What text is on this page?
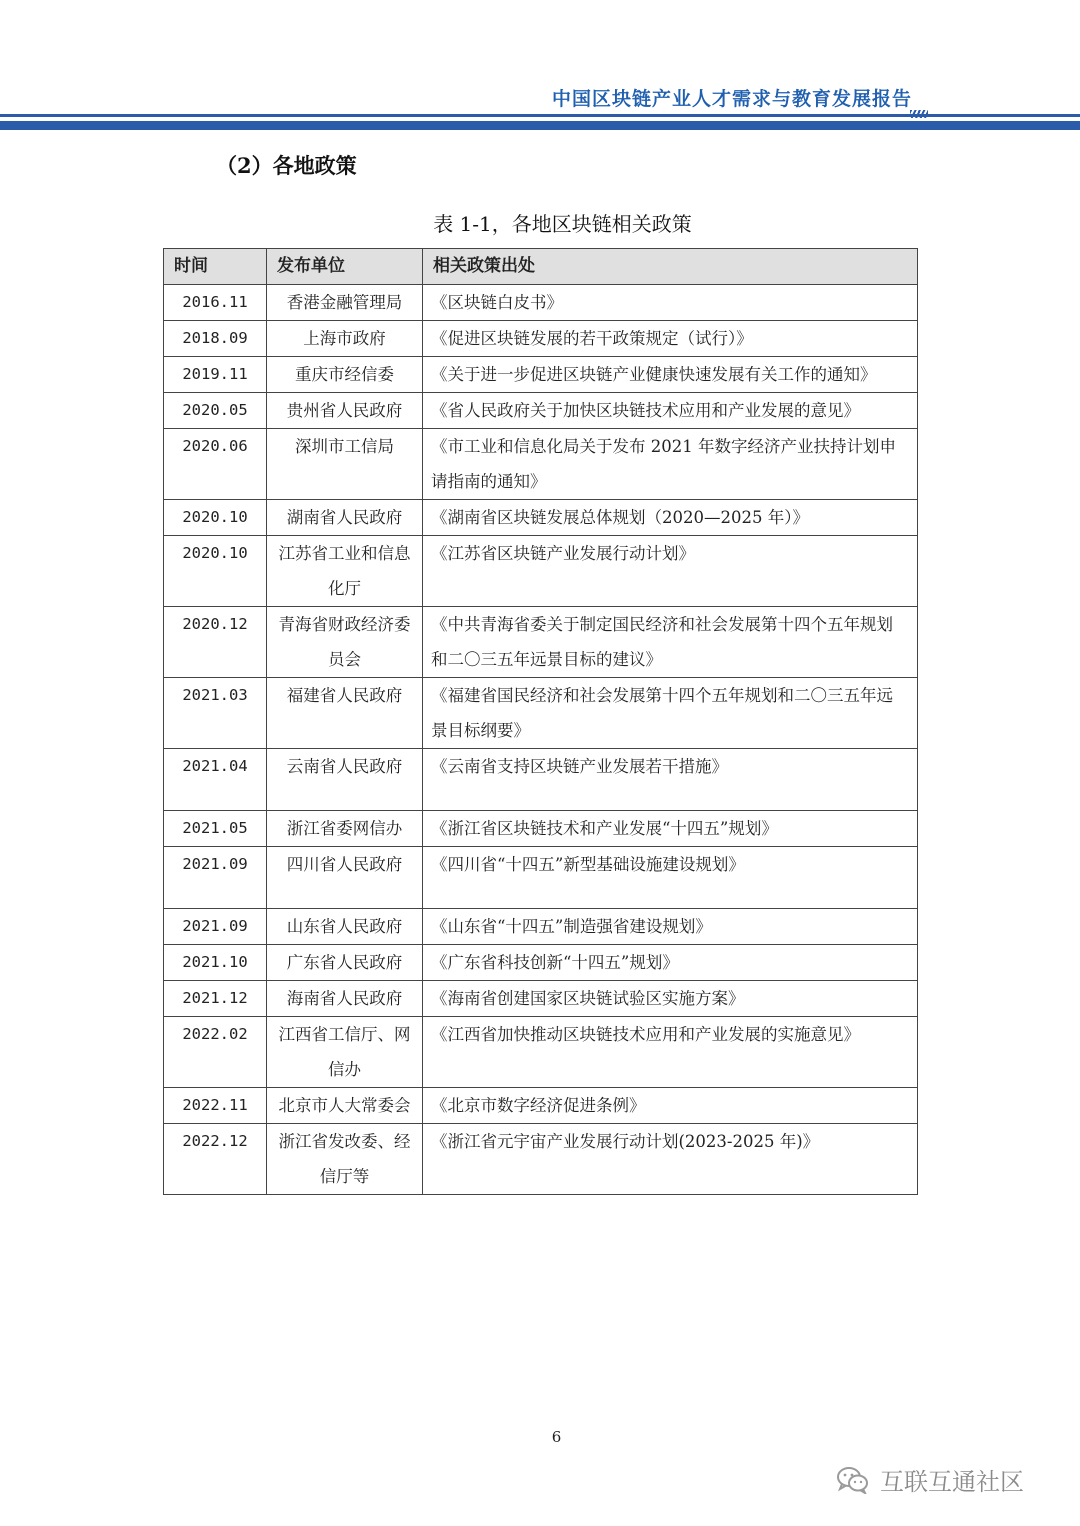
中国区块链产业人才需求与教育发展报告
（2）各地政策
表 1-1，各地区块链相关政策
时间	发布单位	相关政策出处
2016.11	香港金融管理局	《区块链白皮书》
2018.09	上海市政府	《促进区块链发展的若干政策规定（试行）》
2019.11	重庆市经信委	《关于进一步促进区块链产业健康快速发展有关工作的通知》
2020.05	贵州省人民政府	《省人民政府关于加快区块链技术应用和产业发展的意见》
2020.06	深圳市工信局	《市工业和信息化局关于发布 2021 年数字经济产业扶持计划申请指南的通知》
2020.10	湖南省人民政府	《湖南省区块链发展总体规划（2020—2025 年）》
2020.10	江苏省工业和信息化厅	《江苏省区块链产业发展行动计划》
2020.12	青海省财政经济委员会	《中共青海省委关于制定国民经济和社会发展第十四个五年规划和二〇三五年远景目标的建议》
2021.03	福建省人民政府	《福建省国民经济和社会发展第十四个五年规划和二〇三五年远景目标纲要》
2021.04	云南省人民政府	《云南省支持区块链产业发展若干措施》
2021.05	浙江省委网信办	《浙江省区块链技术和产业发展“十四五”规划》
2021.09	四川省人民政府	《四川省“十四五”新型基础设施建设规划》
2021.09	山东省人民政府	《山东省“十四五”制造强省建设规划》
2021.10	广东省人民政府	《广东省科技创新“十四五”规划》
2021.12	海南省人民政府	《海南省创建国家区块链试验区实施方案》
2022.02	江西省工信厅、网信办	《江西省加快推动区块链技术应用和产业发展的实施意见》
2022.11	北京市人大常委会	《北京市数字经济促进条例》
2022.12	浙江省发改委、经信厅等	《浙江省元宇宙产业发展行动计划(2023-2025 年)》
6
互联互通社区
